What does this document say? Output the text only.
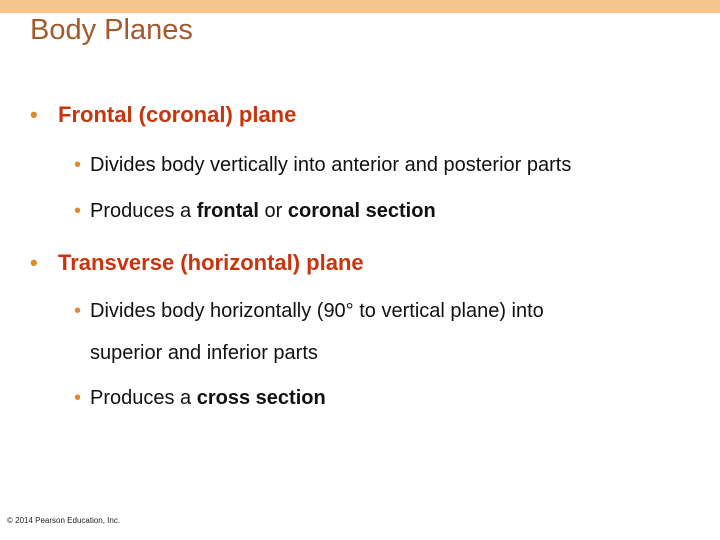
Body Planes
• Frontal (coronal) plane
• Divides body vertically into anterior and posterior parts
• Produces a frontal or coronal section
• Transverse (horizontal) plane
• Divides body horizontally (90° to vertical plane) into
superior and inferior parts
• Produces a cross section
© 2014 Pearson Education, Inc.
